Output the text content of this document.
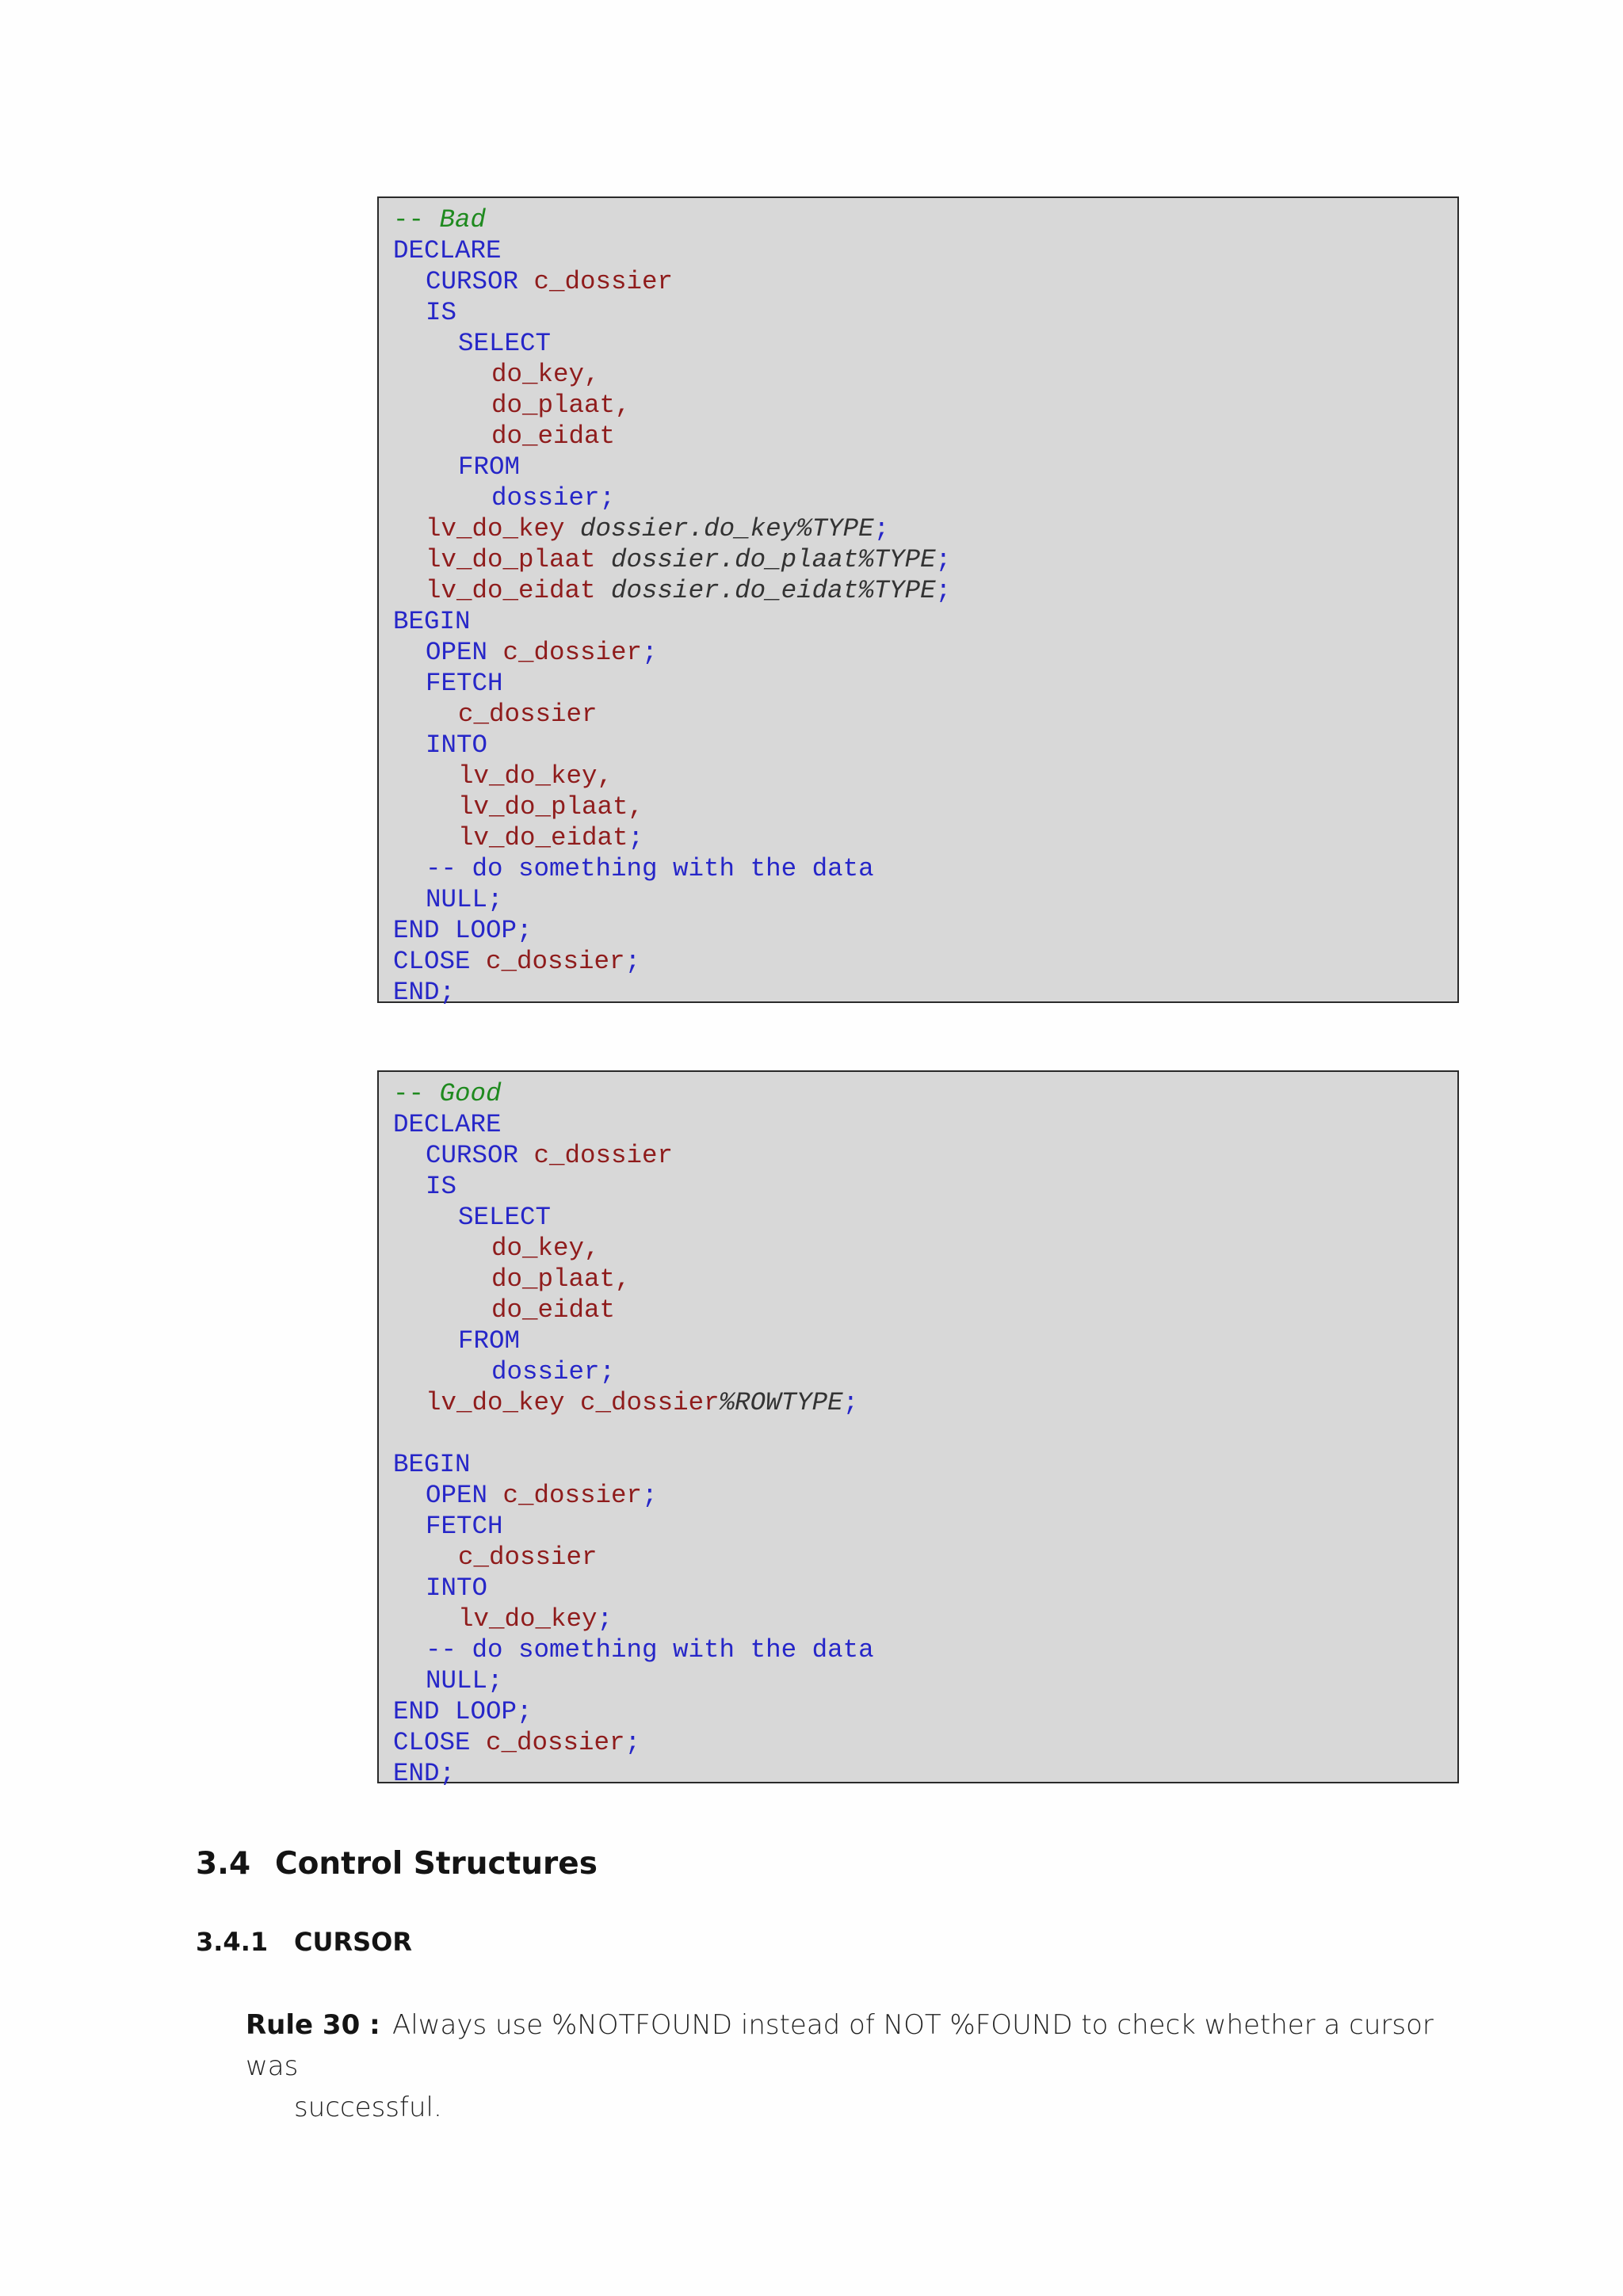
-- Bad
DECLARE
CURSOR c_dossier
IS
SELECT
do_key,
do_plaat,
do_eidat
FROM
dossier;
lv_do_key dossier.do_key%TYPE;
lv_do_plaat dossier.do_plaat%TYPE;
lv_do_eidat dossier.do_eidat%TYPE;
BEGIN
OPEN c_dossier;
FETCH
c_dossier
INTO
lv_do_key,
lv_do_plaat,
lv_do_eidat;
-- do something with the data
NULL;
END LOOP;
CLOSE c_dossier;
END;
-- Good
DECLARE
CURSOR c_dossier
IS
SELECT
do_key,
do_plaat,
do_eidat
FROM
dossier;
lv_do_key c_dossier%ROWTYPE;
BEGIN
OPEN c_dossier;
FETCH
c_dossier
INTO
lv_do_key;
-- do something with the data
NULL;
END LOOP;
CLOSE c_dossier;
END;
3.4 Control Structures
3.4.1 CURSOR
Rule 30 : Always use %NOTFOUND instead of NOT %FOUND to check whether a cursor was
successful.
